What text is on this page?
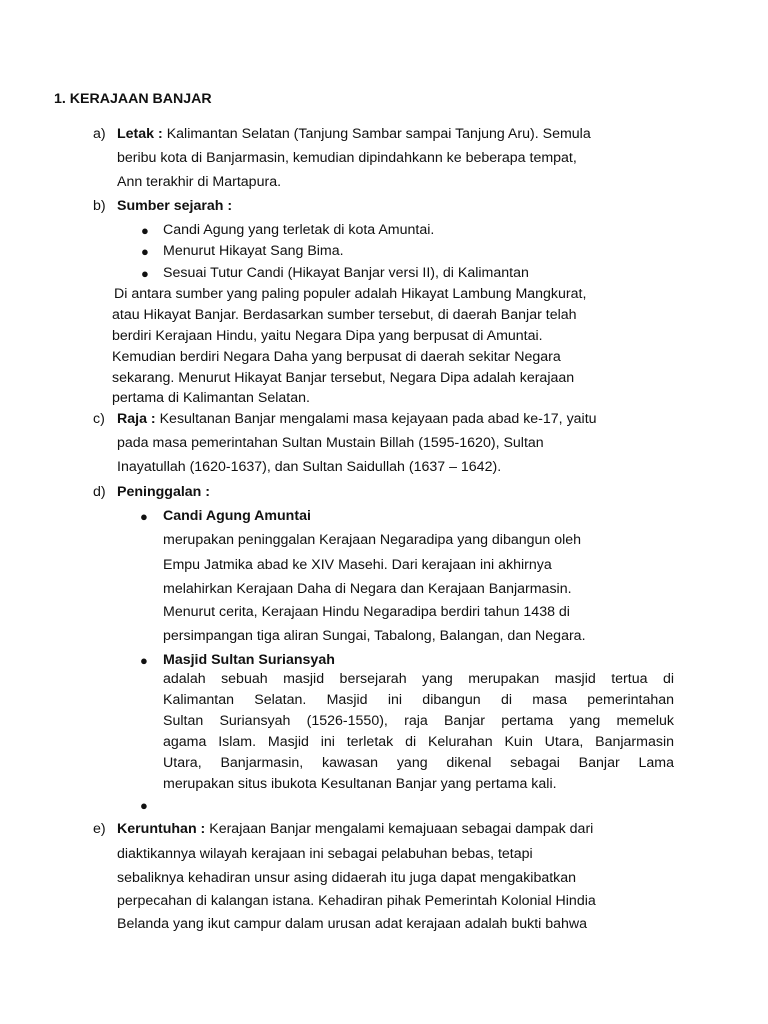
1. KERAJAAN BANJAR
a) Letak : Kalimantan Selatan (Tanjung Sambar sampai Tanjung Aru). Semula
beribu kota di Banjarmasin, kemudian dipindahkann ke beberapa tempat,
Ann terakhir di Martapura.
b) Sumber sejarah :
● Candi Agung yang terletak di kota Amuntai.
● Menurut Hikayat Sang Bima.
● Sesuai Tutur Candi (Hikayat Banjar versi II), di Kalimantan
Di antara sumber yang paling populer adalah Hikayat Lambung Mangkurat,
atau Hikayat Banjar. Berdasarkan sumber tersebut, di daerah Banjar telah
berdiri Kerajaan Hindu, yaitu Negara Dipa yang berpusat di Amuntai.
Kemudian berdiri Negara Daha yang berpusat di daerah sekitar Negara
sekarang. Menurut Hikayat Banjar tersebut, Negara Dipa adalah kerajaan
pertama di Kalimantan Selatan.
c) Raja : Kesultanan Banjar mengalami masa kejayaan pada abad ke-17, yaitu
pada masa pemerintahan Sultan Mustain Billah (1595-1620), Sultan
Inayatullah (1620-1637), dan Sultan Saidullah (1637 – 1642).
d) Peninggalan :
● Candi Agung Amuntai
merupakan peninggalan Kerajaan Negaradipa yang dibangun oleh
Empu Jatmika abad ke XIV Masehi. Dari kerajaan ini akhirnya
melahirkan Kerajaan Daha di Negara dan Kerajaan Banjarmasin.
Menurut cerita, Kerajaan Hindu Negaradipa berdiri tahun 1438 di
persimpangan tiga aliran Sungai, Tabalong, Balangan, dan Negara.
● Masjid Sultan Suriansyah
adalah sebuah masjid bersejarah yang merupakan masjid tertua di
Kalimantan Selatan. Masjid ini dibangun di masa pemerintahan
Sultan Suriansyah (1526-1550), raja Banjar pertama yang memeluk
agama Islam. Masjid ini terletak di Kelurahan Kuin Utara, Banjarmasin
Utara, Banjarmasin, kawasan yang dikenal sebagai Banjar Lama
merupakan situs ibukota Kesultanan Banjar yang pertama kali.
●
e) Keruntuhan : Kerajaan Banjar mengalami kemajuaan sebagai dampak dari
diaktikannya wilayah kerajaan ini sebagai pelabuhan bebas, tetapi
sebaliknya kehadiran unsur asing didaerah itu juga dapat mengakibatkan
perpecahan di kalangan istana. Kehadiran pihak Pemerintah Kolonial Hindia
Belanda yang ikut campur dalam urusan adat kerajaan adalah bukti bahwa
